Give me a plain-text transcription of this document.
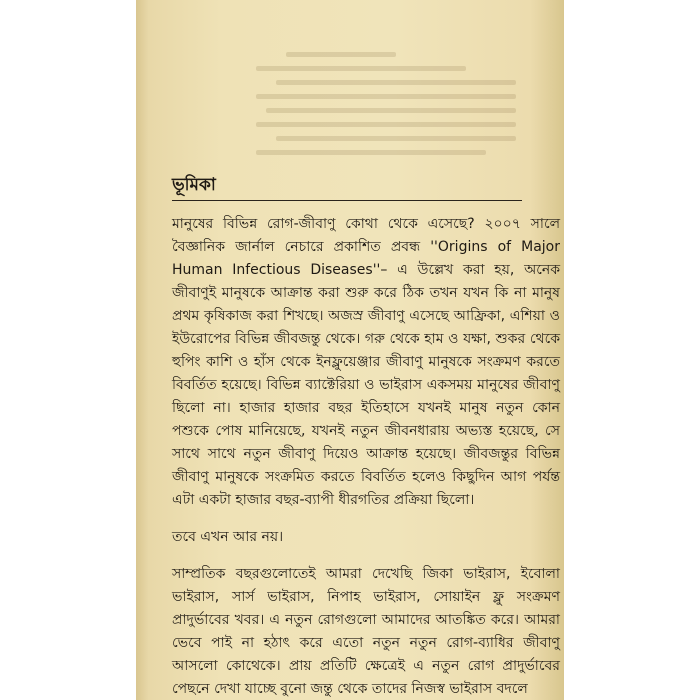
ভূমিকা

মানুষের বিভিন্ন রোগ-জীবাণু কোথা থেকে এসেছে? ২০০৭ সালে বৈজ্ঞানিক জার্নাল নেচারে প্রকাশিত প্রবন্ধ ''Origins of Major Human Infectious Diseases''– এ উল্লেখ করা হয়, অনেক জীবাণুই মানুষকে আক্রান্ত করা শুরু করে ঠিক তখন যখন কি না মানুষ প্রথম কৃষিকাজ করা শিখছে। অজস্র জীবাণু এসেছে আফ্রিকা, এশিয়া ও ইউরোপের বিভিন্ন জীবজন্তু থেকে। গরু থেকে হাম ও যক্ষা, শুকর থেকে হুপিং কাশি ও হাঁস থেকে ইনফ্লুয়েঞ্জার জীবাণু মানুষকে সংক্রমণ করতে বিবর্তিত হয়েছে। বিভিন্ন ব্যাক্টেরিয়া ও ভাইরাস একসময় মানুষের জীবাণু ছিলো না। হাজার হাজার বছর ইতিহাসে যখনই মানুষ নতুন কোন পশুকে পোষ মানিয়েছে, যখনই নতুন জীবনধারায় অভ্যস্ত হয়েছে, সে সাথে সাথে নতুন জীবাণু দিয়েও আক্রান্ত হয়েছে। জীবজন্তুর বিভিন্ন জীবাণু মানুষকে সংক্রমিত করতে বিবর্তিত হলেও কিছুদিন আগ পর্যন্ত এটা একটা হাজার বছর-ব্যাপী ধীরগতির প্রক্রিয়া ছিলো।

তবে এখন আর নয়।

সাম্প্রতিক বছরগুলোতেই আমরা দেখেছি জিকা ভাইরাস, ইবোলা ভাইরাস, সার্স ভাইরাস, নিপাহ ভাইরাস, সোয়াইন ফ্লু সংক্রমণ প্রাদুর্ভাবের খবর। এ নতুন রোগগুলো আমাদের আতঙ্কিত করে। আমরা ভেবে পাই না হঠাৎ করে এতো নতুন নতুন রোগ-ব্যাধির জীবাণু আসলো কোথেকে। প্রায় প্রতিটি ক্ষেত্রেই এ নতুন রোগ প্রাদুর্ভাবের পেছনে দেখা যাচ্ছে বুনো জন্তু থেকে তাদের নিজস্ব ভাইরাস বদলে
